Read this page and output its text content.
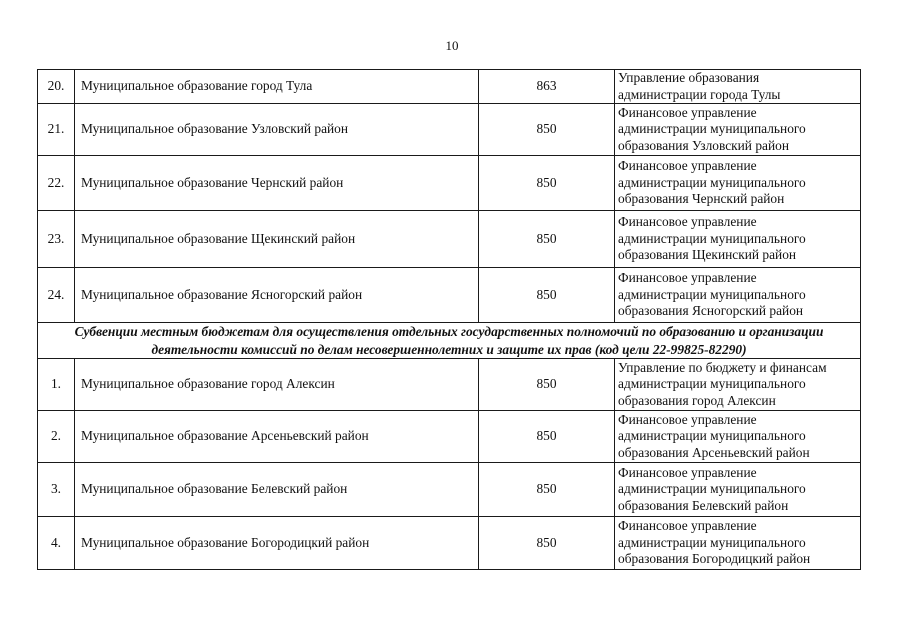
10
20.	Муниципальное образование город Тула	863	Управление образования
администрации города Тулы
21.	Муниципальное образование Узловский район	850	Финансовое управление
администрации муниципального
образования Узловский район
22.	Муниципальное образование Чернский район	850	Финансовое управление
администрации муниципального
образования Чернский район
23.	Муниципальное образование Щекинский район	850	Финансовое управление
администрации муниципального
образования Щекинский район
24.	Муниципальное образование Ясногорский район	850	Финансовое управление
администрации муниципального
образования Ясногорский район
Субвенции местным бюджетам для осуществления отдельных государственных полномочий по образованию и организации деятельности комиссий по делам несовершеннолетних и защите их прав (код цели 22-99825-82290)			
1.	Муниципальное образование город Алексин	850	Управление по бюджету и финансам
администрации муниципального
образования город Алексин
2.	Муниципальное образование Арсеньевский район	850	Финансовое управление
администрации муниципального
образования Арсеньевский район
3.	Муниципальное образование Белевский район	850	Финансовое управление
администрации муниципального
образования Белевский район
4.	Муниципальное образование Богородицкий район	850	Финансовое управление
администрации муниципального
образования Богородицкий район
